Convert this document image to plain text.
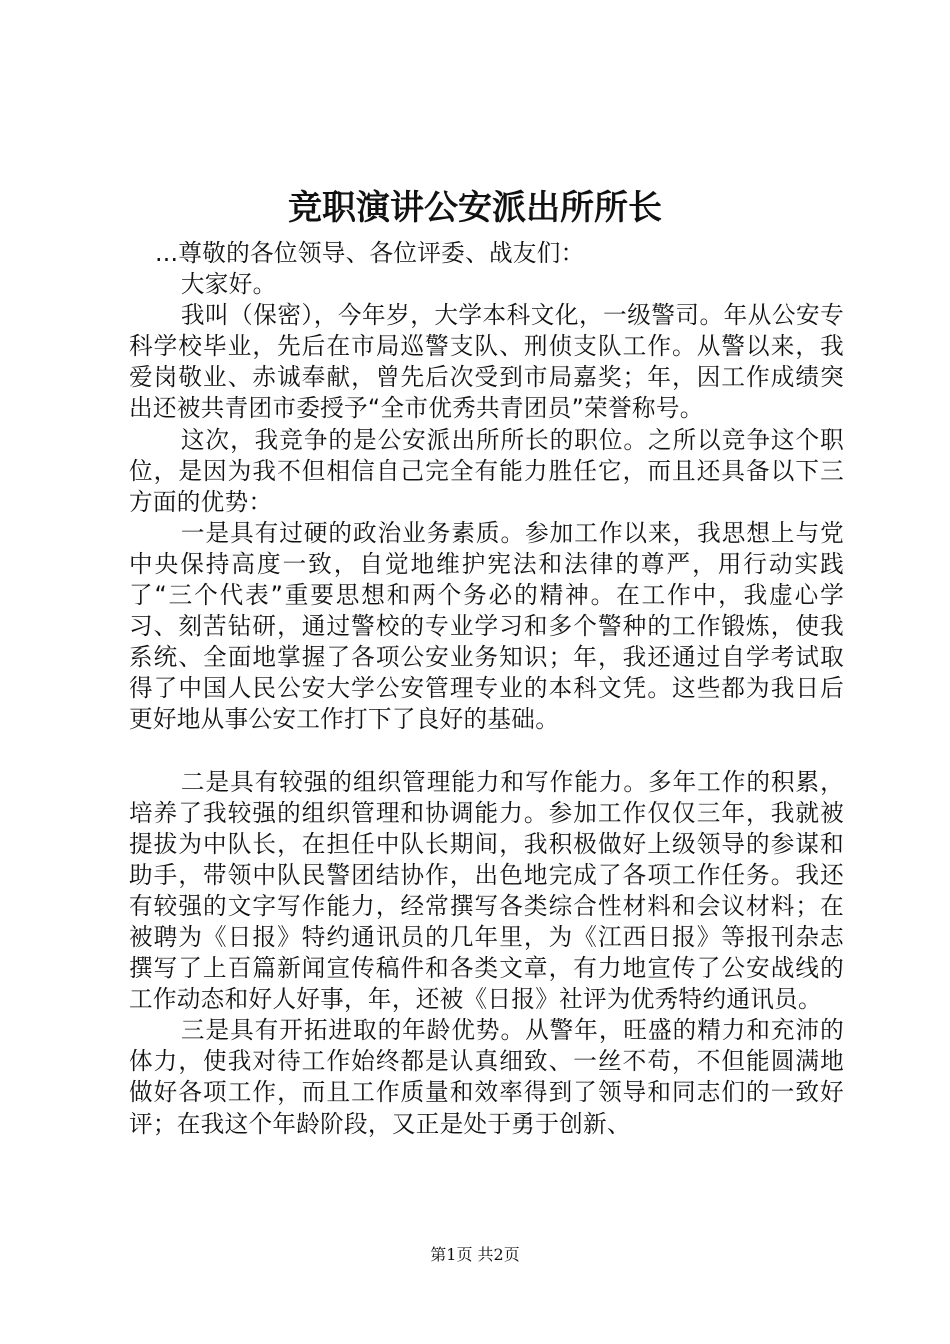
竞职演讲公安派出所所长

...尊敬的各位领导、各位评委、战友们：

大家好。

我叫（保密），今年岁，大学本科文化，一级警司。年从公安专科学校毕业，先后在市局巡警支队、刑侦支队工作。从警以来，我爱岗敬业、赤诚奉献，曾先后次受到市局嘉奖；年，因工作成绩突出还被共青团市委授予“全市优秀共青团员”荣誉称号。

这次，我竞争的是公安派出所所长的职位。之所以竞争这个职位，是因为我不但相信自己完全有能力胜任它，而且还具备以下三方面的优势：

一是具有过硬的政治业务素质。参加工作以来，我思想上与党中央保持高度一致，自觉地维护宪法和法律的尊严，用行动实践了“三个代表”重要思想和两个务必的精神。在工作中，我虚心学习、刻苦钻研，通过警校的专业学习和多个警种的工作锻炼，使我系统、全面地掌握了各项公安业务知识；年，我还通过自学考试取得了中国人民公安大学公安管理专业的本科文凭。这些都为我日后更好地从事公安工作打下了良好的基础。

二是具有较强的组织管理能力和写作能力。多年工作的积累，培养了我较强的组织管理和协调能力。参加工作仅仅三年，我就被提拔为中队长，在担任中队长期间，我积极做好上级领导的参谋和助手，带领中队民警团结协作，出色地完成了各项工作任务。我还有较强的文字写作能力，经常撰写各类综合性材料和会议材料；在被聘为《日报》特约通讯员的几年里，为《江西日报》等报刊杂志撰写了上百篇新闻宣传稿件和各类文章，有力地宣传了公安战线的工作动态和好人好事，年，还被《日报》社评为优秀特约通讯员。

三是具有开拓进取的年龄优势。从警年，旺盛的精力和充沛的体力，使我对待工作始终都是认真细致、一丝不苟，不但能圆满地做好各项工作，而且工作质量和效率得到了领导和同志们的一致好评；在我这个年龄阶段，又正是处于勇于创新、

第1页 共2页
